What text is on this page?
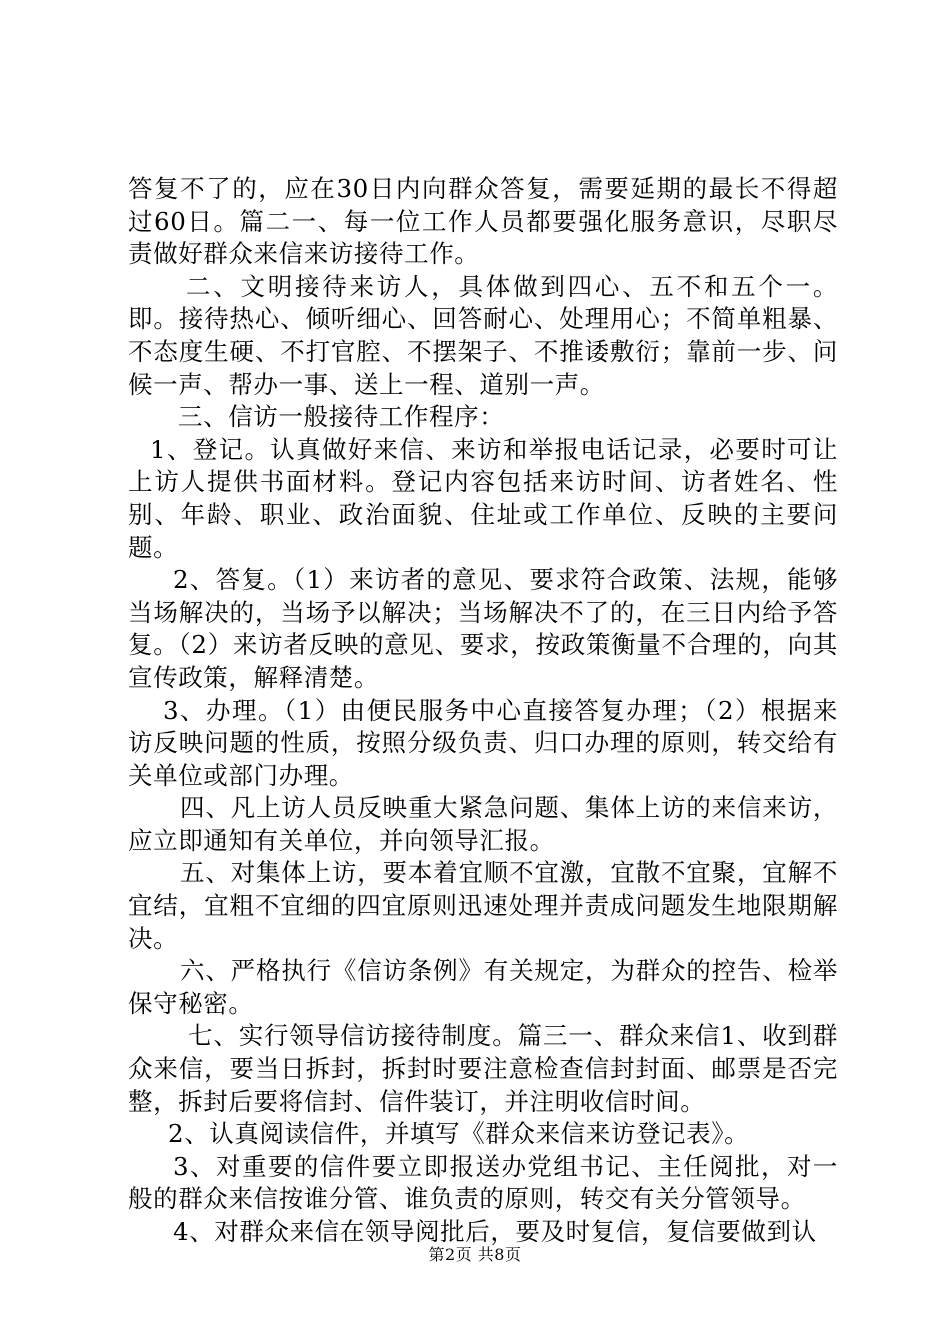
答复不了的，应在30日内向群众答复，需要延期的最长不得超过60日。篇二一、每一位工作人员都要强化服务意识，尽职尽责做好群众来信来访接待工作。

二、文明接待来访人，具体做到四心、五不和五个一。即。接待热心、倾听细心、回答耐心、处理用心；不简单粗暴、不态度生硬、不打官腔、不摆架子、不推诿敷衍；靠前一步、问候一声、帮办一事、送上一程、道别一声。

三、信访一般接待工作程序：

1、登记。认真做好来信、来访和举报电话记录，必要时可让上访人提供书面材料。登记内容包括来访时间、访者姓名、性别、年龄、职业、政治面貌、住址或工作单位、反映的主要问题。

2、答复。（1）来访者的意见、要求符合政策、法规，能够当场解决的，当场予以解决；当场解决不了的，在三日内给予答复。（2）来访者反映的意见、要求，按政策衡量不合理的，向其宣传政策，解释清楚。

3、办理。（1）由便民服务中心直接答复办理；（2）根据来访反映问题的性质，按照分级负责、归口办理的原则，转交给有关单位或部门办理。

四、凡上访人员反映重大紧急问题、集体上访的来信来访，应立即通知有关单位，并向领导汇报。

五、对集体上访，要本着宜顺不宜激，宜散不宜聚，宜解不宜结，宜粗不宜细的四宜原则迅速处理并责成问题发生地限期解决。

六、严格执行《信访条例》有关规定，为群众的控告、检举保守秘密。

七、实行领导信访接待制度。篇三一、群众来信1、收到群众来信，要当日拆封，拆封时要注意检查信封封面、邮票是否完整，拆封后要将信封、信件装订，并注明收信时间。

2、认真阅读信件，并填写《群众来信来访登记表》。

3、对重要的信件要立即报送办党组书记、主任阅批，对一般的群众来信按谁分管、谁负责的原则，转交有关分管领导。

4、对群众来信在领导阅批后，要及时复信，复信要做到认

第2页 共8页
